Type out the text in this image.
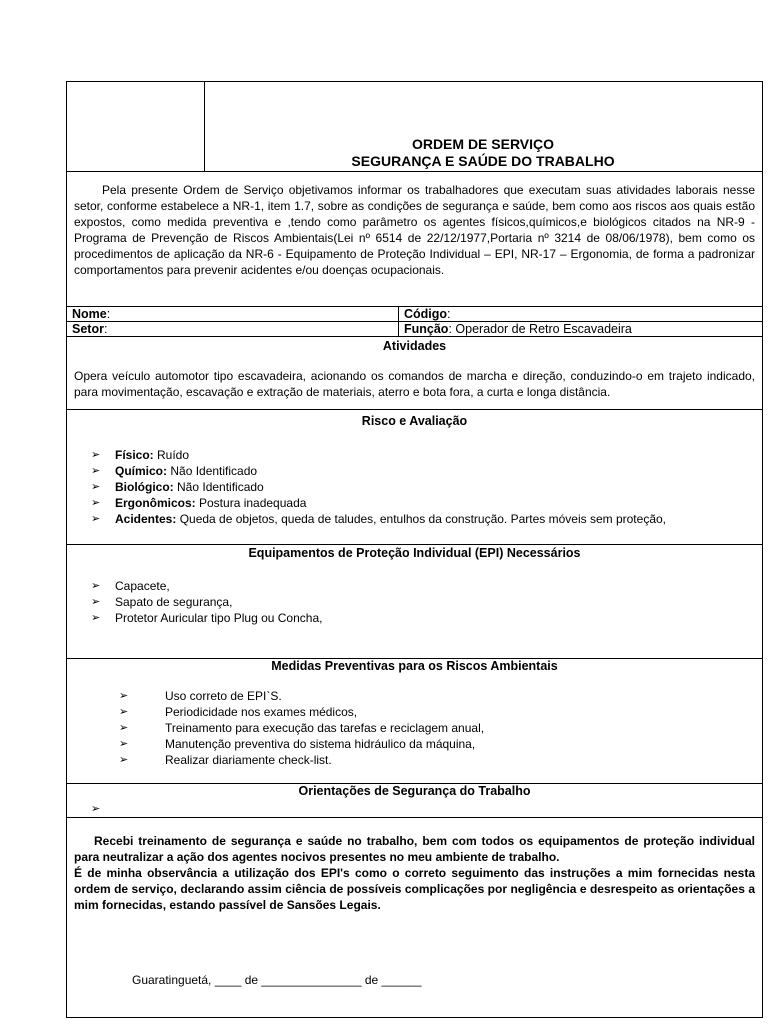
ORDEM DE SERVIÇO
SEGURANÇA E SAÚDE DO TRABALHO
Pela presente Ordem de Serviço objetivamos informar os trabalhadores que executam suas atividades laborais nesse setor, conforme estabelece a NR-1, item 1.7, sobre as condições de segurança e saúde, bem como aos riscos aos quais estão expostos, como medida preventiva e ,tendo como parâmetro os agentes físicos,químicos,e biológicos citados na NR-9 - Programa de Prevenção de Riscos Ambientais(Lei nº 6514 de 22/12/1977,Portaria nº 3214 de 08/06/1978), bem como os procedimentos de aplicação da NR-6 - Equipamento de Proteção Individual – EPI, NR-17 – Ergonomia, de forma a padronizar comportamentos para prevenir acidentes e/ou doenças ocupacionais.
Nome:	Código:
Setor:	Função: Operador de Retro Escavadeira
Atividades
Opera veículo automotor tipo escavadeira, acionando os comandos de marcha e direção, conduzindo-o em trajeto indicado, para movimentação, escavação e extração de materiais, aterro e bota fora, a curta e longa distância.
Risco e Avaliação
➢ Físico: Ruído
➢ Químico: Não Identificado
➢ Biológico: Não Identificado
➢ Ergonômicos: Postura inadequada
➢ Acidentes: Queda de objetos, queda de taludes, entulhos da construção. Partes móveis sem proteção,
Equipamentos de Proteção Individual (EPI) Necessários
➢ Capacete,
➢ Sapato de segurança,
➢ Protetor Auricular tipo Plug ou Concha,
Medidas Preventivas para os Riscos Ambientais
➢	Uso correto de EPI`S.
➢	Periodicidade nos exames médicos,
➢	Treinamento para execução das tarefas e reciclagem anual,
➢	Manutenção preventiva do sistema hidráulico da máquina,
➢	Realizar diariamente check-list.
Orientações de Segurança do Trabalho
➢
Recebi treinamento de segurança e saúde no trabalho, bem com todos os equipamentos de proteção individual para neutralizar a ação dos agentes nocivos presentes no meu ambiente de trabalho.
É de minha observância a utilização dos EPI's como o correto seguimento das instruções a mim fornecidas nesta ordem de serviço, declarando assim ciência de possíveis complicações por negligência e desrespeito as orientações a mim fornecidas, estando passível de Sansões Legais.
Guaratinguetá, ____ de _______________ de ______
